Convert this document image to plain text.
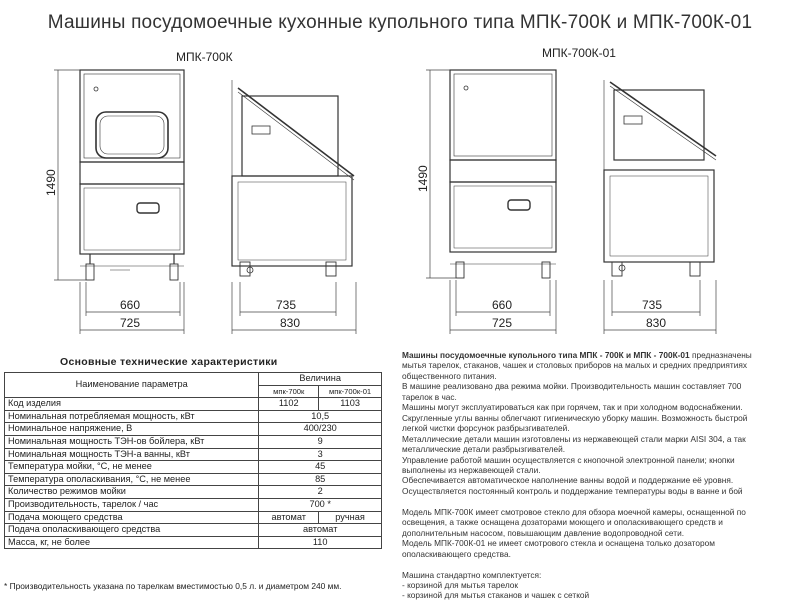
Машины посудомоечные кухонные купольного типа МПК-700К и МПК-700К-01
МПК-700К	МПК-700К-01
1490	1490
660
725
735
830
660
725
735
830
Основные технические характеристики
Наименование параметра	Величина	
	мпк-700к	мпк-700к-01
Код изделия	1102	1103
Номинальная потребляемая мощность, кВт	10,5	
Номинальное напряжение, В	400/230	
Номинальная мощность ТЭН-ов бойлера, кВт	9	
Номинальная мощность ТЭН-а ванны, кВт	3	
Температура мойки, °С, не менее	45	
Температура ополаскивания, °С, не менее	85	
Количество режимов мойки	2	
Производительность, тарелок / час	700 *	
Подача моющего средства	автомат	ручная
Подача ополаскивающего средства	автомат	
Масса, кг, не более	110	
* Производительность указана по тарелкам вместимостью 0,5 л. и диаметром 240 мм.

Машины посудомоечные купольного типа МПК - 700К и МПК - 700К-01 предназначены

мытья тарелок, стаканов, чашек и столовых приборов на малых и средних предприятиях

общественного питания.

В машине реализовано два режима мойки. Производительность машин составляет 700

тарелок в час.

Машины могут эксплуатироваться как при горячем, так и при холодном водоснабжении.

Скругленные углы ванны облегчают гигиеническую уборку машин. Возможность быстрой

легкой чистки форсунок разбрызгивателей.

Металлические детали машин изготовлены из нержавеющей стали марки AISI 304, а так

металлические детали разбрызгивателей.

Управление работой машин осуществляется с кнопочной электронной панели; кнопки

выполнены из нержавеющей стали.

Обеспечивается автоматическое наполнение ванны водой и поддержание её уровня.

Осуществляется постоянный контроль и поддержание температуры воды в ванне и бой

Модель МПК-700К имеет смотровое стекло для обзора моечной камеры, оснащенной по

освещения, а также оснащена дозаторами моющего и ополаскивающего средств и

дополнительным насосом, повышающим давление водопроводной сети.

Модель МПК-700К-01 не имеет смотрового стекла и оснащена только дозатором

ополаскивающего средства.

Машина стандартно комплектуется:

- корзиной для мытья тарелок

- корзиной для мытья стаканов и чашек с сеткой
